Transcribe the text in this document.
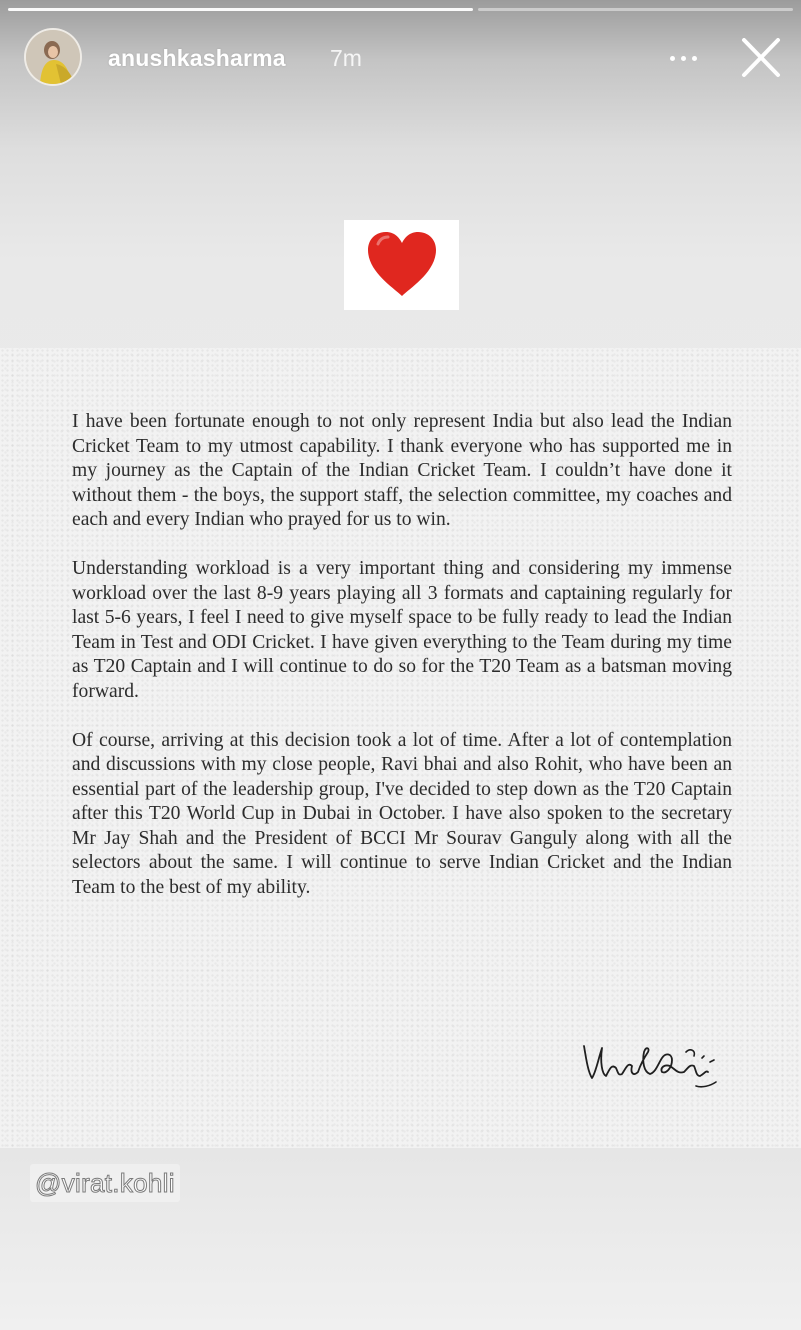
anushkasharma 7m

I have been fortunate enough to not only represent India but also lead the Indian Cricket Team to my utmost capability. I thank everyone who has supported me in my journey as the Captain of the Indian Cricket Team. I couldn’t have done it without them - the boys, the support staff, the selection committee, my coaches and each and every Indian who prayed for us to win.

Understanding workload is a very important thing and considering my immense workload over the last 8-9 years playing all 3 formats and captaining regularly for last 5-6 years, I feel I need to give myself space to be fully ready to lead the Indian Team in Test and ODI Cricket. I have given everything to the Team during my time as T20 Captain and I will continue to do so for the T20 Team as a batsman moving forward.

Of course, arriving at this decision took a lot of time. After a lot of contemplation and discussions with my close people, Ravi bhai and also Rohit, who have been an essential part of the leadership group, I've decided to step down as the T20 Captain after this T20 World Cup in Dubai in October. I have also spoken to the secretary Mr Jay Shah and the President of BCCI Mr Sourav Ganguly along with all the selectors about the same. I will continue to serve Indian Cricket and the Indian Team to the best of my ability.

@virat.kohli
